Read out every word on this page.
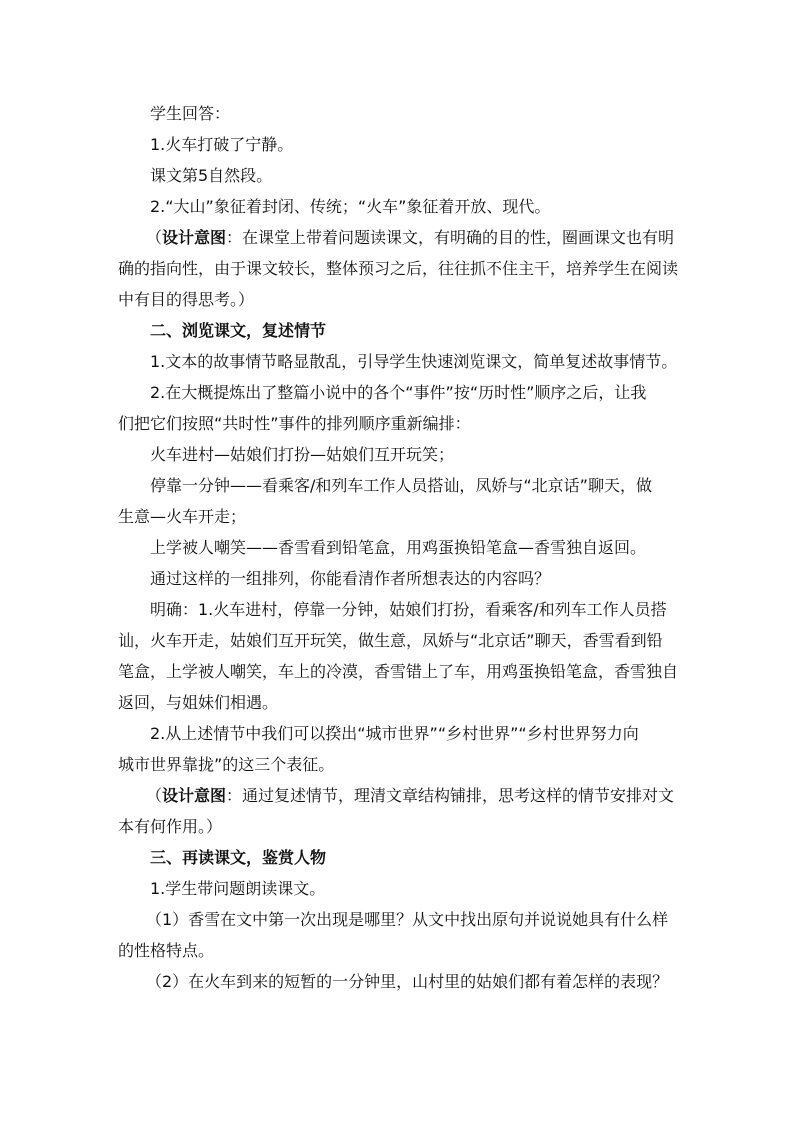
学生回答：
1.火车打破了宁静。
课文第5自然段。
2.“大山”象征着封闭、传统；“火车”象征着开放、现代。
（设计意图：在课堂上带着问题读课文，有明确的目的性，圈画课文也有明
确的指向性，由于课文较长，整体预习之后，往往抓不住主干，培养学生在阅读
中有目的得思考。）
二、浏览课文，复述情节
1.文本的故事情节略显散乱，引导学生快速浏览课文，简单复述故事情节。
2.在大概提炼出了整篇小说中的各个“事件”按“历时性”顺序之后，让我
们把它们按照“共时性”事件的排列顺序重新编排：
火车进村—姑娘们打扮—姑娘们互开玩笑；
停靠一分钟——看乘客/和列车工作人员搭讪，凤娇与“北京话”聊天，做
生意—火车开走；
上学被人嘲笑——香雪看到铅笔盒，用鸡蛋换铅笔盒—香雪独自返回。
通过这样的一组排列，你能看清作者所想表达的内容吗？
明确：1.火车进村，停靠一分钟，姑娘们打扮，看乘客/和列车工作人员搭
讪，火车开走，姑娘们互开玩笑，做生意，凤娇与“北京话”聊天，香雪看到铅
笔盒，上学被人嘲笑，车上的冷漠，香雪错上了车，用鸡蛋换铅笔盒，香雪独自
返回，与姐妹们相遇。
2.从上述情节中我们可以揆出“城市世界”“乡村世界”“乡村世界努力向
城市世界靠拢”的这三个表征。
（设计意图：通过复述情节，理清文章结构铺排，思考这样的情节安排对文
本有何作用。）
三、再读课文，鉴赏人物
1.学生带问题朗读课文。
（1）香雪在文中第一次出现是哪里？从文中找出原句并说说她具有什么样
的性格特点。
（2）在火车到来的短暂的一分钟里，山村里的姑娘们都有着怎样的表现？
